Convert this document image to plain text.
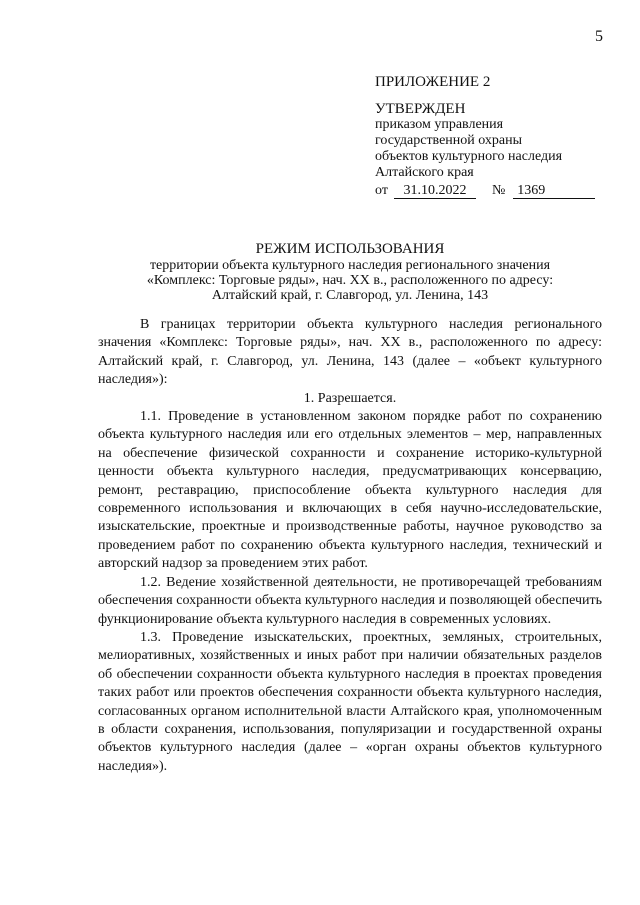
5
ПРИЛОЖЕНИЕ 2
УТВЕРЖДЕН
приказом управления
государственной охраны
объектов культурного наследия
Алтайского края
от 31.10.2022 № 1369
РЕЖИМ ИСПОЛЬЗОВАНИЯ
территории объекта культурного наследия регионального значения
«Комплекс: Торговые ряды», нач. XX в., расположенного по адресу:
Алтайский край, г. Славгород, ул. Ленина, 143

В границах территории объекта культурного наследия регионального значения «Комплекс: Торговые ряды», нач. XX в., расположенного по адресу: Алтайский край, г. Славгород, ул. Ленина, 143 (далее – «объект культурного наследия»):

1. Разрешается.

1.1. Проведение в установленном законом порядке работ по сохранению объекта культурного наследия или его отдельных элементов – мер, направленных на обеспечение физической сохранности и сохранение историко-культурной ценности объекта культурного наследия, предусматривающих консервацию, ремонт, реставрацию, приспособление объекта культурного наследия для современного использования и включающих в себя научно-исследовательские, изыскательские, проектные и производственные работы, научное руководство за проведением работ по сохранению объекта культурного наследия, технический и авторский надзор за проведением этих работ.

1.2. Ведение хозяйственной деятельности, не противоречащей требованиям обеспечения сохранности объекта культурного наследия и позволяющей обеспечить функционирование объекта культурного наследия в современных условиях.

1.3. Проведение изыскательских, проектных, земляных, строительных, мелиоративных, хозяйственных и иных работ при наличии обязательных разделов об обеспечении сохранности объекта культурного наследия в проектах проведения таких работ или проектов обеспечения сохранности объекта культурного наследия, согласованных органом исполнительной власти Алтайского края, уполномоченным в области сохранения, использования, популяризации и государственной охраны объектов культурного наследия (далее – «орган охраны объектов культурного наследия»).
